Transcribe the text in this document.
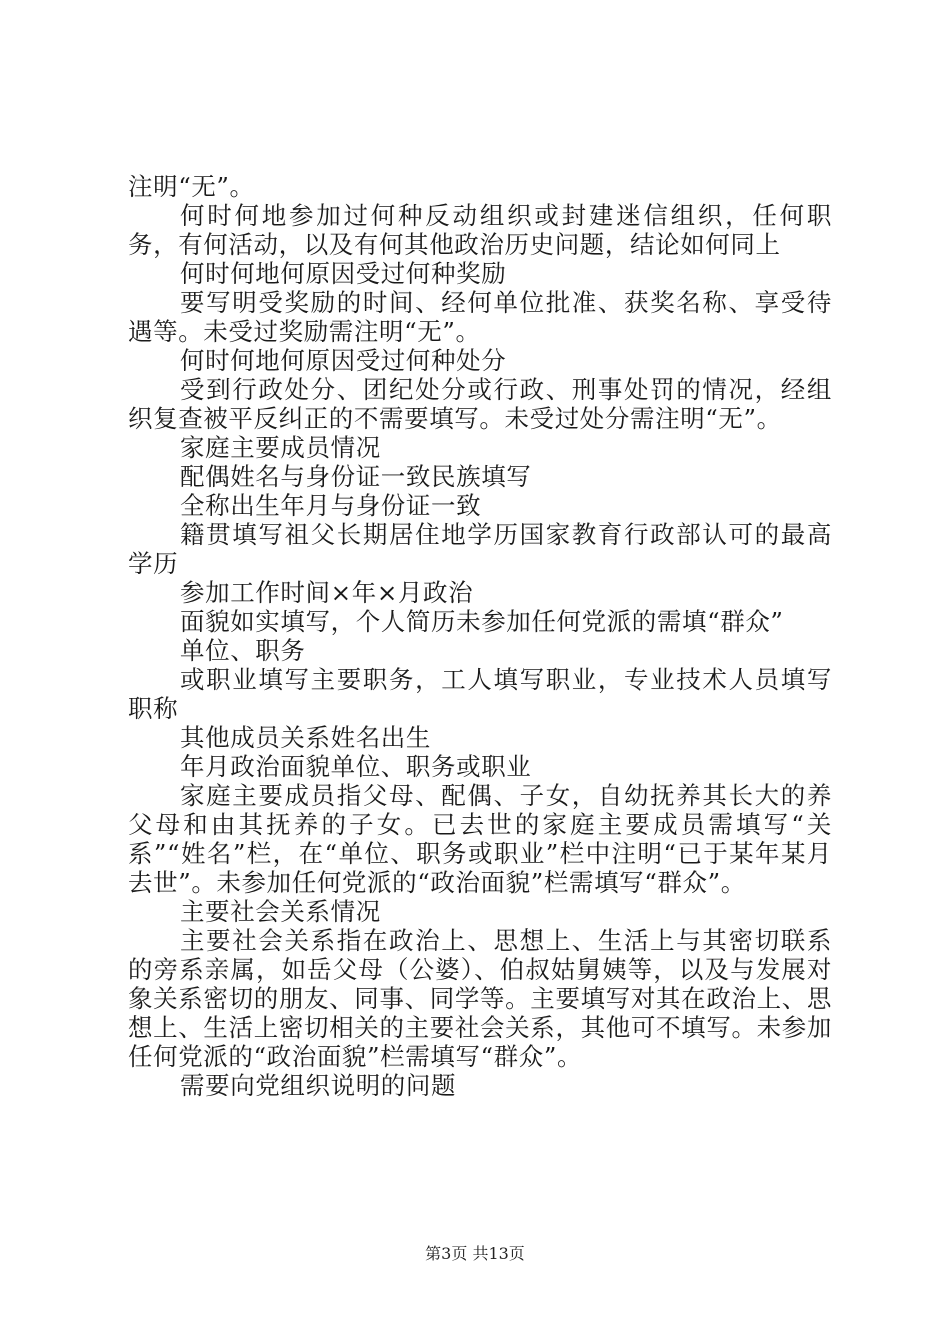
注明“无”。

何时何地参加过何种反动组织或封建迷信组织，任何职务，有何活动，以及有何其他政治历史问题，结论如何同上

何时何地何原因受过何种奖励

要写明受奖励的时间、经何单位批准、获奖名称、享受待遇等。未受过奖励需注明“无”。

何时何地何原因受过何种处分

受到行政处分、团纪处分或行政、刑事处罚的情况，经组织复查被平反纠正的不需要填写。未受过处分需注明“无”。

家庭主要成员情况

配偶姓名与身份证一致民族填写

全称出生年月与身份证一致

籍贯填写祖父长期居住地学历国家教育行政部认可的最高学历

参加工作时间×年×月政治

面貌如实填写，个人简历未参加任何党派的需填“群众”

单位、职务

或职业填写主要职务，工人填写职业，专业技术人员填写职称

其他成员关系姓名出生

年月政治面貌单位、职务或职业

家庭主要成员指父母、配偶、子女，自幼抚养其长大的养父母和由其抚养的子女。已去世的家庭主要成员需填写“关系”“姓名”栏，在“单位、职务或职业”栏中注明“已于某年某月去世”。未参加任何党派的“政治面貌”栏需填写“群众”。

主要社会关系情况

主要社会关系指在政治上、思想上、生活上与其密切联系的旁系亲属，如岳父母（公婆）、伯叔姑舅姨等，以及与发展对象关系密切的朋友、同事、同学等。主要填写对其在政治上、思想上、生活上密切相关的主要社会关系，其他可不填写。未参加任何党派的“政治面貌”栏需填写“群众”。

需要向党组织说明的问题

第3页 共13页
